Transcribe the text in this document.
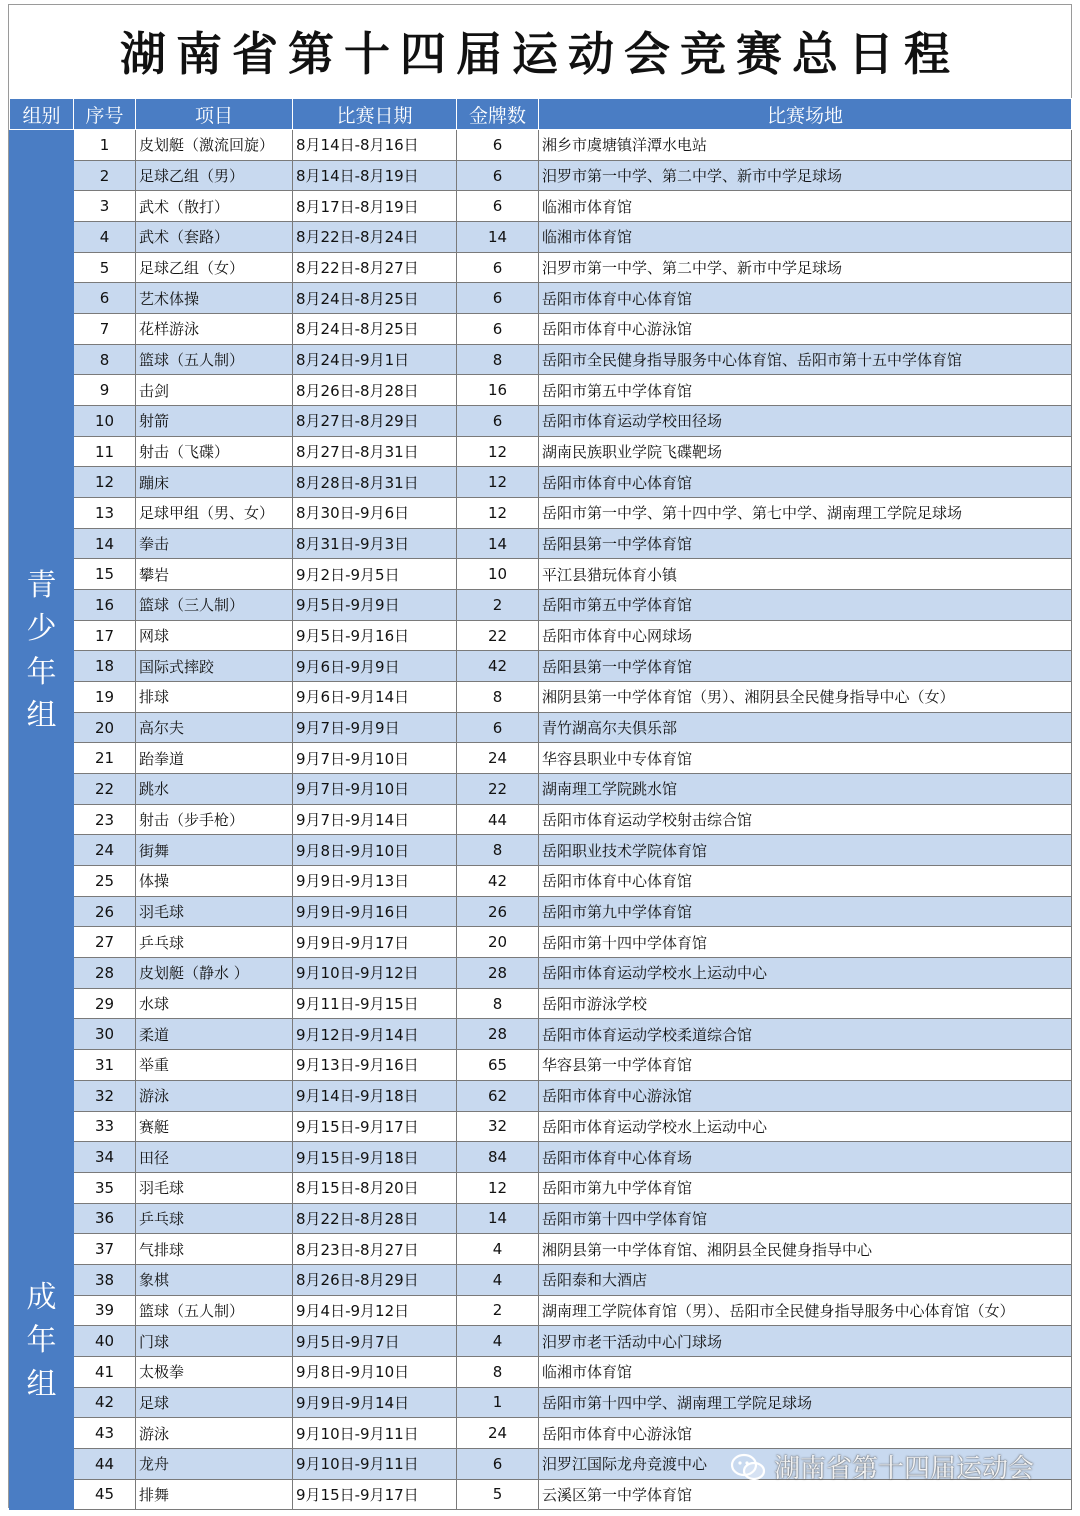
湖南省第十四届运动会竞赛总日程
组别	序号	项目	比赛日期	金牌数	比赛场地

青
少
年
组	1	皮划艇（激流回旋）	8月14日-8月16日	6	湘乡市虞塘镇洋潭水电站
	2	足球乙组（男）	8月14日-8月19日	6	汨罗市第一中学、第二中学、新市中学足球场
	3	武术（散打）	8月17日-8月19日	6	临湘市体育馆
	4	武术（套路）	8月22日-8月24日	14	临湘市体育馆
	5	足球乙组（女）	8月22日-8月27日	6	汨罗市第一中学、第二中学、新市中学足球场
	6	艺术体操	8月24日-8月25日	6	岳阳市体育中心体育馆
	7	花样游泳	8月24日-8月25日	6	岳阳市体育中心游泳馆
	8	篮球（五人制）	8月24日-9月1日	8	岳阳市全民健身指导服务中心体育馆、岳阳市第十五中学体育馆
	9	击剑	8月26日-8月28日	16	岳阳市第五中学体育馆
	10	射箭	8月27日-8月29日	6	岳阳市体育运动学校田径场
	11	射击（飞碟）	8月27日-8月31日	12	湖南民族职业学院飞碟靶场
	12	蹦床	8月28日-8月31日	12	岳阳市体育中心体育馆
	13	足球甲组（男、女）	8月30日-9月6日	12	岳阳市第一中学、第十四中学、第七中学、湖南理工学院足球场
	14	拳击	8月31日-9月3日	14	岳阳县第一中学体育馆
	15	攀岩	9月2日-9月5日	10	平江县猎玩体育小镇
	16	篮球（三人制）	9月5日-9月9日	2	岳阳市第五中学体育馆
	17	网球	9月5日-9月16日	22	岳阳市体育中心网球场
	18	国际式摔跤	9月6日-9月9日	42	岳阳县第一中学体育馆
	19	排球	9月6日-9月14日	8	湘阴县第一中学体育馆（男）、湘阴县全民健身指导中心（女）
	20	高尔夫	9月7日-9月9日	6	青竹湖高尔夫俱乐部
	21	跆拳道	9月7日-9月10日	24	华容县职业中专体育馆
	22	跳水	9月7日-9月10日	22	湖南理工学院跳水馆
	23	射击（步手枪）	9月7日-9月14日	44	岳阳市体育运动学校射击综合馆
	24	街舞	9月8日-9月10日	8	岳阳职业技术学院体育馆
	25	体操	9月9日-9月13日	42	岳阳市体育中心体育馆
	26	羽毛球	9月9日-9月16日	26	岳阳市第九中学体育馆
	27	乒乓球	9月9日-9月17日	20	岳阳市第十四中学体育馆
	28	皮划艇（静水 ）	9月10日-9月12日	28	岳阳市体育运动学校水上运动中心
	29	水球	9月11日-9月15日	8	岳阳市游泳学校
	30	柔道	9月12日-9月14日	28	岳阳市体育运动学校柔道综合馆
	31	举重	9月13日-9月16日	65	华容县第一中学体育馆
	32	游泳	9月14日-9月18日	62	岳阳市体育中心游泳馆
	33	赛艇	9月15日-9月17日	32	岳阳市体育运动学校水上运动中心
	34	田径	9月15日-9月18日	84	岳阳市体育中心体育场

成
年
组	35	羽毛球	8月15日-8月20日	12	岳阳市第九中学体育馆
	36	乒乓球	8月22日-8月28日	14	岳阳市第十四中学体育馆
	37	气排球	8月23日-8月27日	4	湘阴县第一中学体育馆、湘阴县全民健身指导中心
	38	象棋	8月26日-8月29日	4	岳阳泰和大酒店
	39	篮球（五人制）	9月4日-9月12日	2	湖南理工学院体育馆（男）、岳阳市全民健身指导服务中心体育馆（女）
	40	门球	9月5日-9月7日	4	汨罗市老干活动中心门球场
	41	太极拳	9月8日-9月10日	8	临湘市体育馆
	42	足球	9月9日-9月14日	1	岳阳市第十四中学、湖南理工学院足球场
	43	游泳	9月10日-9月11日	24	岳阳市体育中心游泳馆
	44	龙舟	9月10日-9月11日	6	汨罗江国际龙舟竞渡中心
	45	排舞	9月15日-9月17日	5	云溪区第一中学体育馆
湖南省第十四届运动会
